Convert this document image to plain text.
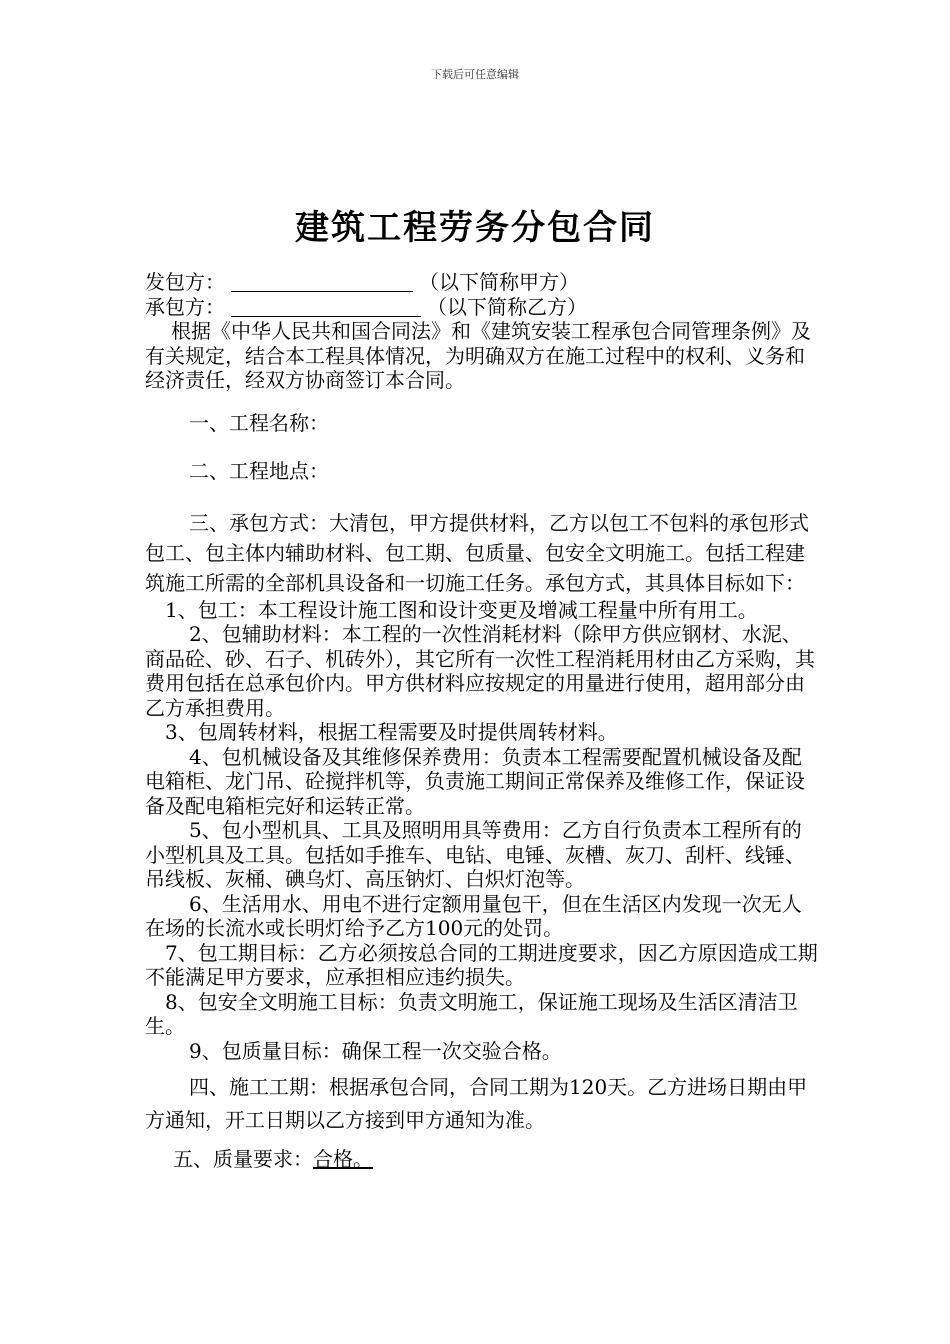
下载后可任意编辑
建筑工程劳务分包合同
发包方：	（以下简称甲方）
承包方：	（以下简称乙方）

根据《中华人民共和国合同法》和《建筑安装工程承包合同管理条例》及有关规定，结合本工程具体情况，为明确双方在施工过程中的权利、义务和经济责任，经双方协商签订本合同。

一、工程名称：

二、工程地点：

三、承包方式：大清包，甲方提供材料，乙方以包工不包料的承包形式包工、包主体内辅助材料、包工期、包质量、包安全文明施工。包括工程建筑施工所需的全部机具设备和一切施工任务。承包方式，其具体目标如下：

1、包工：本工程设计施工图和设计变更及增减工程量中所有用工。

2、包辅助材料：本工程的一次性消耗材料（除甲方供应钢材、水泥、商品砼、砂、石子、机砖外），其它所有一次性工程消耗用材由乙方采购，其费用包括在总承包价内。甲方供材料应按规定的用量进行使用，超用部分由乙方承担费用。

3、包周转材料，根据工程需要及时提供周转材料。

4、包机械设备及其维修保养费用：负责本工程需要配置机械设备及配电箱柜、龙门吊、砼搅拌机等，负责施工期间正常保养及维修工作，保证设备及配电箱柜完好和运转正常。

5、包小型机具、工具及照明用具等费用：乙方自行负责本工程所有的小型机具及工具。包括如手推车、电钻、电锤、灰槽、灰刀、刮杆、线锤、吊线板、灰桶、碘乌灯、高压钠灯、白炽灯泡等。

6、生活用水、用电不进行定额用量包干，但在生活区内发现一次无人在场的长流水或长明灯给予乙方100元的处罚。

7、包工期目标：乙方必须按总合同的工期进度要求，因乙方原因造成工期不能满足甲方要求，应承担相应违约损失。

8、包安全文明施工目标：负责文明施工，保证施工现场及生活区清洁卫生。

9、包质量目标：确保工程一次交验合格。

四、施工工期：根据承包合同，合同工期为120天。乙方进场日期由甲方通知，开工日期以乙方接到甲方通知为准。

五、质量要求：合格。
